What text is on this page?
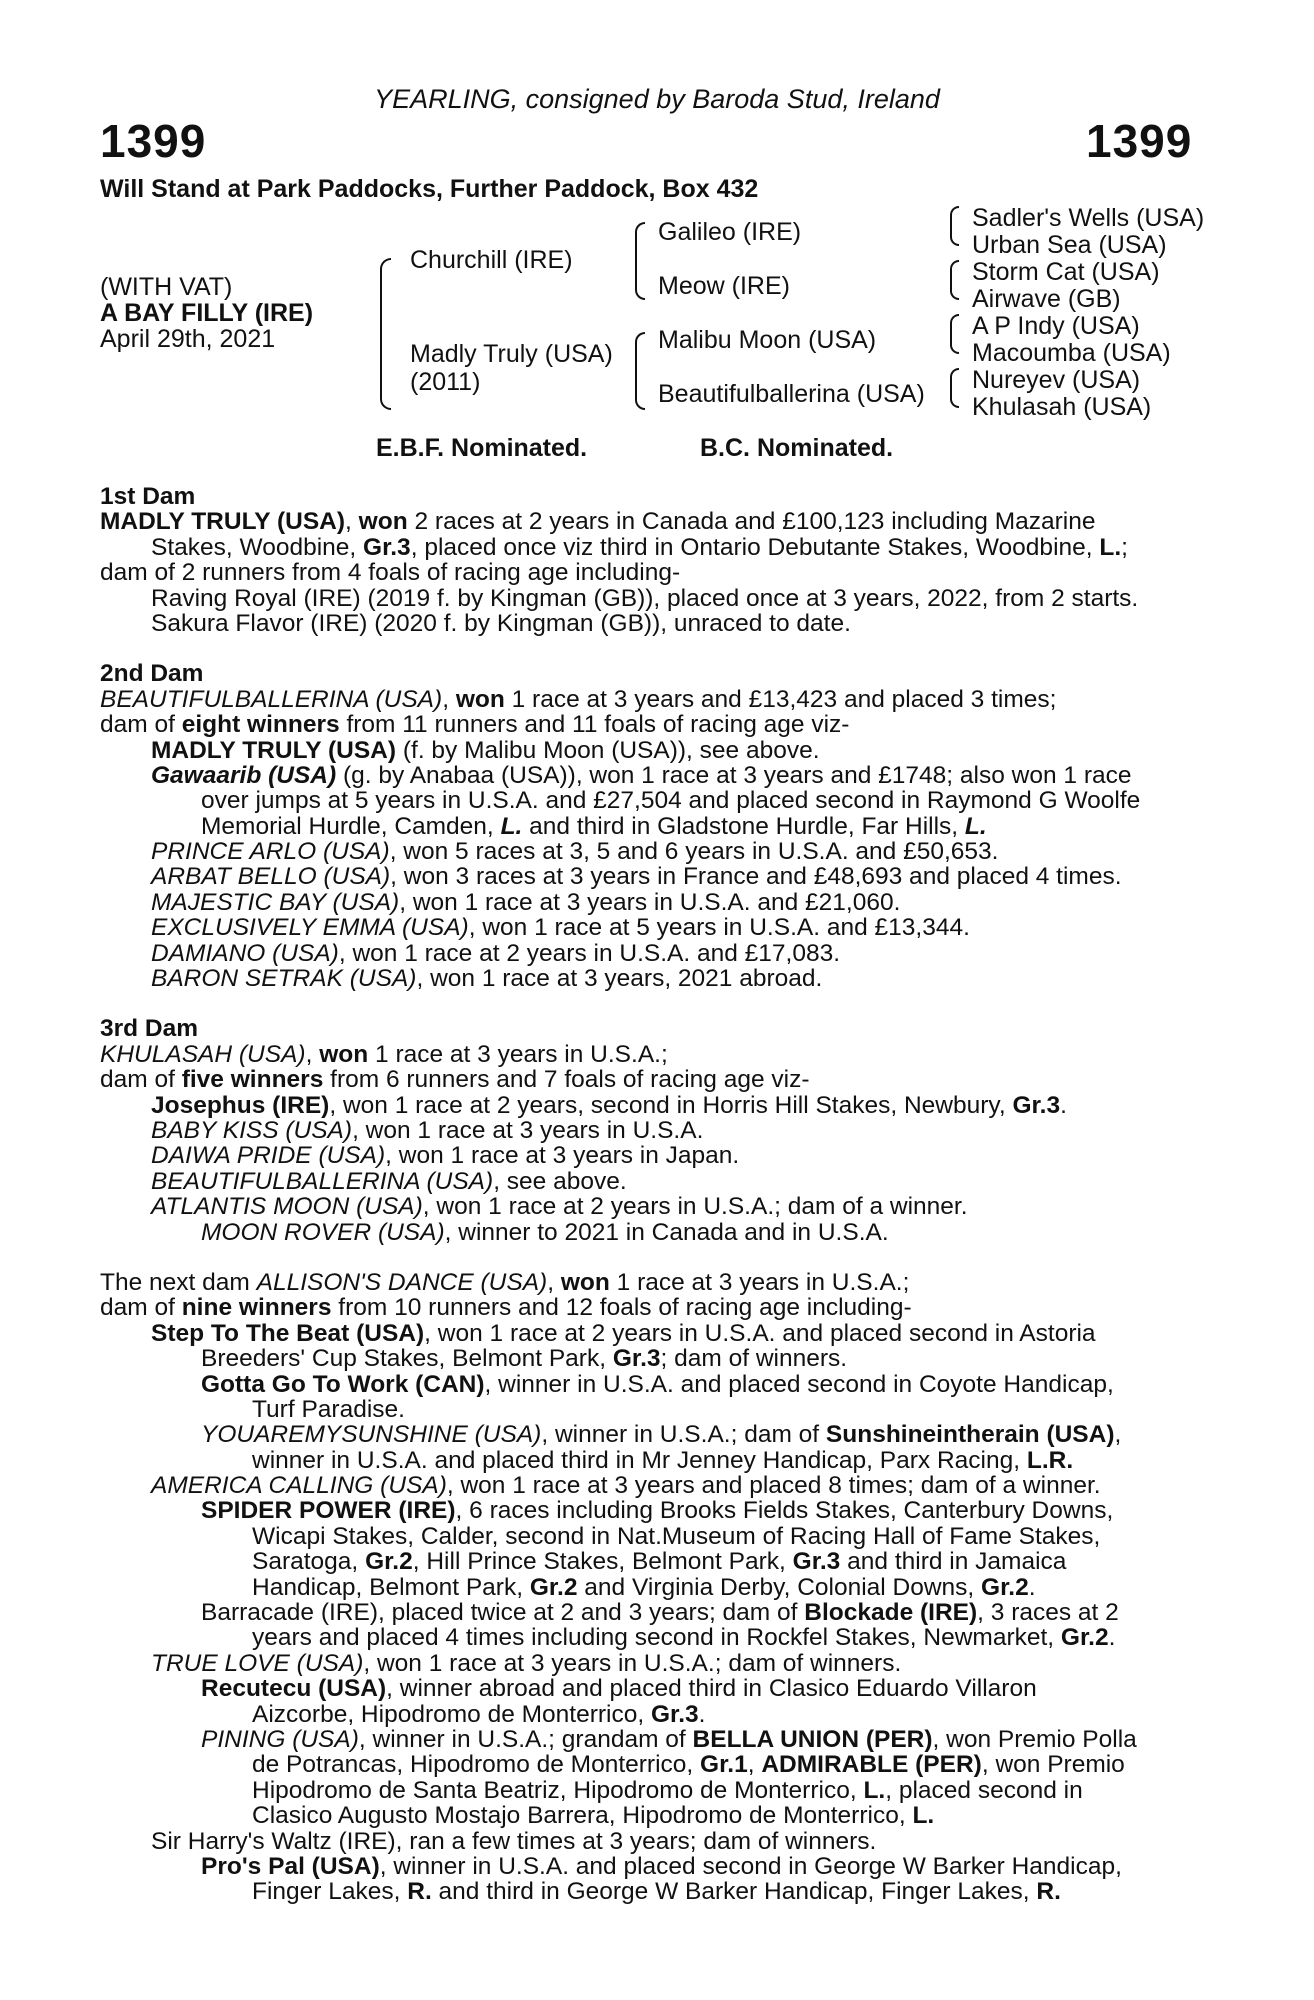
YEARLING, consigned by Baroda Stud, Ireland
1399	1399
Will Stand at Park Paddocks, Further Paddock, Box 432
(WITH VAT)
A BAY FILLY (IRE)
April 29th, 2021
Churchill (IRE)
Madly Truly (USA)
(2011)
Galileo (IRE)
Meow (IRE)
Malibu Moon (USA)
Beautifulballerina (USA)
Sadler's Wells (USA)
Urban Sea (USA)
Storm Cat (USA)
Airwave (GB)
A P Indy (USA)
Macoumba (USA)
Nureyev (USA)
Khulasah (USA)
E.B.F. Nominated.	B.C. Nominated.
1st Dam
MADLY TRULY (USA), won 2 races at 2 years in Canada and £100,123 including Mazarine
Stakes, Woodbine, Gr.3, placed once viz third in Ontario Debutante Stakes, Woodbine, L.;
dam of 2 runners from 4 foals of racing age including-
Raving Royal (IRE) (2019 f. by Kingman (GB)), placed once at 3 years, 2022, from 2 starts.
Sakura Flavor (IRE) (2020 f. by Kingman (GB)), unraced to date.
2nd Dam
BEAUTIFULBALLERINA (USA), won 1 race at 3 years and £13,423 and placed 3 times;
dam of eight winners from 11 runners and 11 foals of racing age viz-
MADLY TRULY (USA) (f. by Malibu Moon (USA)), see above.
Gawaarib (USA) (g. by Anabaa (USA)), won 1 race at 3 years and £1748; also won 1 race
over jumps at 5 years in U.S.A. and £27,504 and placed second in Raymond G Woolfe
Memorial Hurdle, Camden, L. and third in Gladstone Hurdle, Far Hills, L.
PRINCE ARLO (USA), won 5 races at 3, 5 and 6 years in U.S.A. and £50,653.
ARBAT BELLO (USA), won 3 races at 3 years in France and £48,693 and placed 4 times.
MAJESTIC BAY (USA), won 1 race at 3 years in U.S.A. and £21,060.
EXCLUSIVELY EMMA (USA), won 1 race at 5 years in U.S.A. and £13,344.
DAMIANO (USA), won 1 race at 2 years in U.S.A. and £17,083.
BARON SETRAK (USA), won 1 race at 3 years, 2021 abroad.
3rd Dam
KHULASAH (USA), won 1 race at 3 years in U.S.A.;
dam of five winners from 6 runners and 7 foals of racing age viz-
Josephus (IRE), won 1 race at 2 years, second in Horris Hill Stakes, Newbury, Gr.3.
BABY KISS (USA), won 1 race at 3 years in U.S.A.
DAIWA PRIDE (USA), won 1 race at 3 years in Japan.
BEAUTIFULBALLERINA (USA), see above.
ATLANTIS MOON (USA), won 1 race at 2 years in U.S.A.; dam of a winner.
MOON ROVER (USA), winner to 2021 in Canada and in U.S.A.
The next dam ALLISON'S DANCE (USA), won 1 race at 3 years in U.S.A.;
dam of nine winners from 10 runners and 12 foals of racing age including-
Step To The Beat (USA), won 1 race at 2 years in U.S.A. and placed second in Astoria
Breeders' Cup Stakes, Belmont Park, Gr.3; dam of winners.
Gotta Go To Work (CAN), winner in U.S.A. and placed second in Coyote Handicap,
Turf Paradise.
YOUAREMYSUNSHINE (USA), winner in U.S.A.; dam of Sunshineintherain (USA),
winner in U.S.A. and placed third in Mr Jenney Handicap, Parx Racing, L.R.
AMERICA CALLING (USA), won 1 race at 3 years and placed 8 times; dam of a winner.
SPIDER POWER (IRE), 6 races including Brooks Fields Stakes, Canterbury Downs,
Wicapi Stakes, Calder, second in Nat.Museum of Racing Hall of Fame Stakes,
Saratoga, Gr.2, Hill Prince Stakes, Belmont Park, Gr.3 and third in Jamaica
Handicap, Belmont Park, Gr.2 and Virginia Derby, Colonial Downs, Gr.2.
Barracade (IRE), placed twice at 2 and 3 years; dam of Blockade (IRE), 3 races at 2
years and placed 4 times including second in Rockfel Stakes, Newmarket, Gr.2.
TRUE LOVE (USA), won 1 race at 3 years in U.S.A.; dam of winners.
Recutecu (USA), winner abroad and placed third in Clasico Eduardo Villaron
Aizcorbe, Hipodromo de Monterrico, Gr.3.
PINING (USA), winner in U.S.A.; grandam of BELLA UNION (PER), won Premio Polla
de Potrancas, Hipodromo de Monterrico, Gr.1, ADMIRABLE (PER), won Premio
Hipodromo de Santa Beatriz, Hipodromo de Monterrico, L., placed second in
Clasico Augusto Mostajo Barrera, Hipodromo de Monterrico, L.
Sir Harry's Waltz (IRE), ran a few times at 3 years; dam of winners.
Pro's Pal (USA), winner in U.S.A. and placed second in George W Barker Handicap,
Finger Lakes, R. and third in George W Barker Handicap, Finger Lakes, R.
